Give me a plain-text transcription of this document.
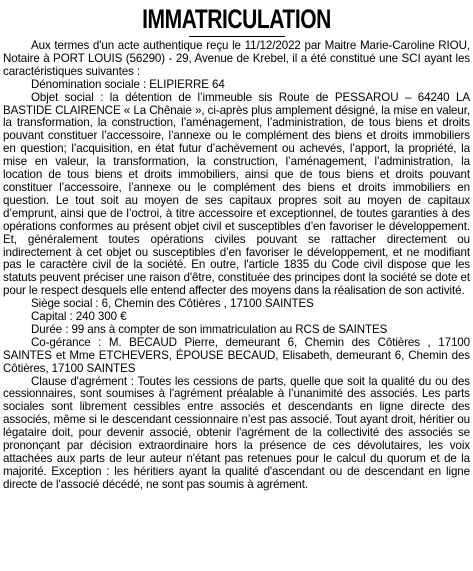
IMMATRICULATION

Aux termes d'un acte authentique reçu le 11/12/2022 par Maitre Marie-Caroline RIOU, Notaire à PORT LOUIS (56290) - 29, Avenue de Krebel, il a été constitué une SCI ayant les caractéristiques suivantes :

Dénomination sociale : ELIPIERRE 64

Objet social : la détention de l’immeuble sis Route de PESSAROU – 64240 LA BASTIDE CLAIRENCE « La Chênaie », ci-après plus amplement désigné, la mise en valeur, la transformation, la construction, l’aménagement, l’administration, de tous biens et droits pouvant constituer l’accessoire, l’annexe ou le complément des biens et droits immobiliers en question; l’acquisition, en état futur d’achèvement ou achevés, l’apport, la propriété, la mise en valeur, la transformation, la construction, l’aménagement, l’administration, la location de tous biens et droits immobiliers, ainsi que de tous biens et droits pouvant constituer l’accessoire, l’annexe ou le complément des biens et droits immobiliers en question. Le tout soit au moyen de ses capitaux propres soit au moyen de capitaux d’emprunt, ainsi que de l’octroi, à titre accessoire et exceptionnel, de toutes garanties à des opérations conformes au présent objet civil et susceptibles d’en favoriser le développement. Et, généralement toutes opérations civiles pouvant se rattacher directement ou indirectement à cet objet ou susceptibles d’en favoriser le développement, et ne modifiant pas le caractère civil de la société. En outre, l'article 1835 du Code civil dispose que les statuts peuvent préciser une raison d'être, constituée des principes dont la société se dote et pour le respect desquels elle entend affecter des moyens dans la réalisation de son activité.

Siège social : 6, Chemin des Côtières , 17100 SAINTES

Capital : 240 300 €

Durée : 99 ans à compter de son immatriculation au RCS de SAINTES

Co-gérance : M. BECAUD Pierre, demeurant 6, Chemin des Côtières , 17100 SAINTES et Mme ETCHEVERS, ÉPOUSE BECAUD, Elisabeth, demeurant 6, Chemin des Côtières, 17100 SAINTES

Clause d'agrément : Toutes les cessions de parts, quelle que soit la qualité du ou des cessionnaires, sont soumises à l'agrément préalable à l’unanimité des associés. Les parts sociales sont librement cessibles entre associés et descendants en ligne directe des associés, même si le descendant cessionnaire n’est pas associé. Tout ayant droit, héritier ou légataire doit, pour devenir associé, obtenir l'agrément de la collectivité des associés se prononçant par décision extraordinaire hors la présence de ces dévolutaires, les voix attachées aux parts de leur auteur n'étant pas retenues pour le calcul du quorum et de la majorité. Exception : les héritiers ayant la qualité d'ascendant ou de descendant en ligne directe de l'associé décédé, ne sont pas soumis à agrément.
